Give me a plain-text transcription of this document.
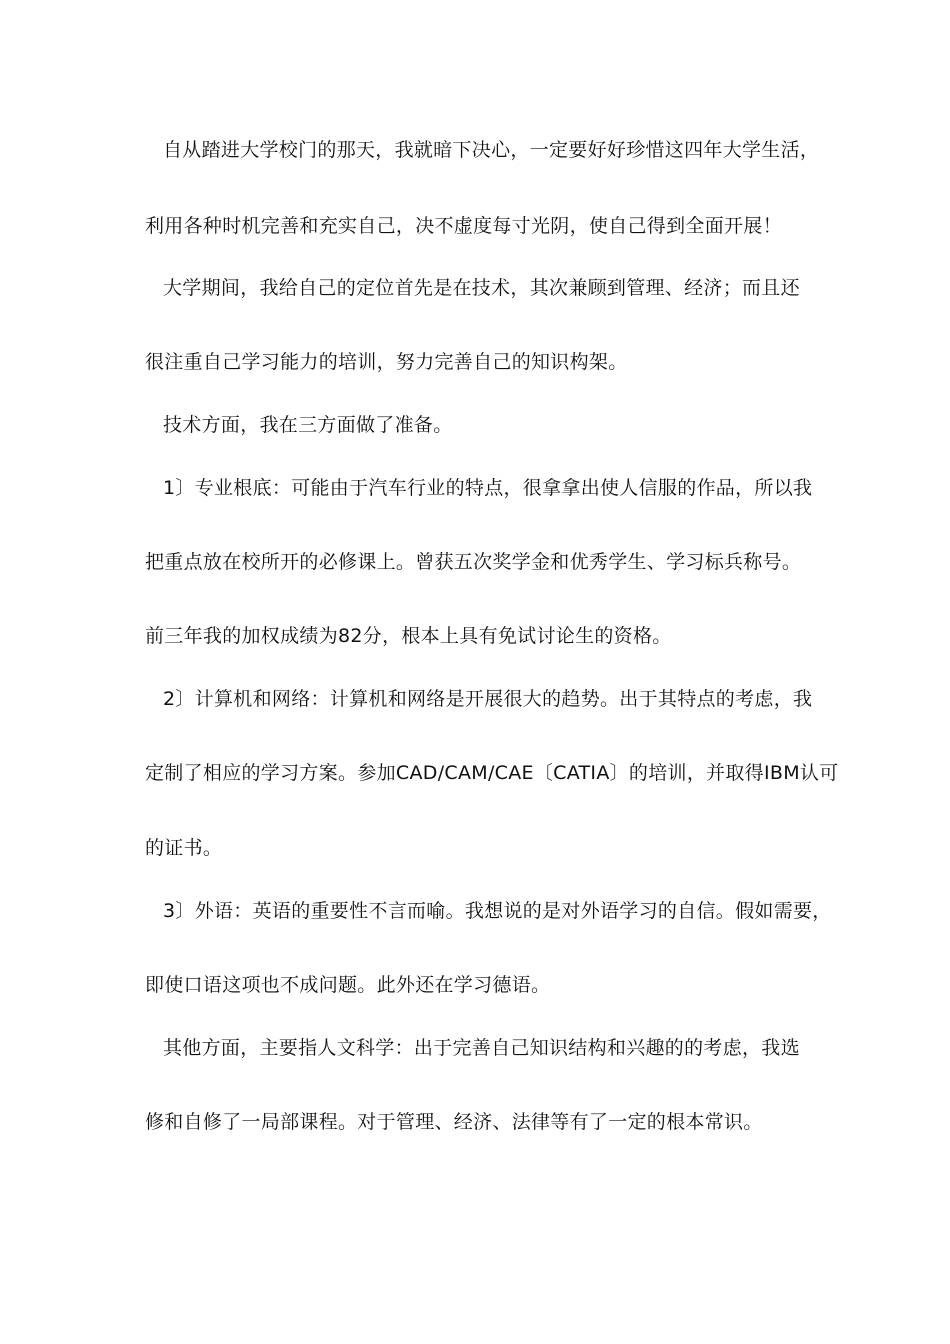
自从踏进大学校门的那天，我就暗下决心，一定要好好珍惜这四年大学生活，
利用各种时机完善和充实自己，决不虚度每寸光阴，使自己得到全面开展！
大学期间，我给自己的定位首先是在技术，其次兼顾到管理、经济；而且还
很注重自己学习能力的培训，努力完善自己的知识构架。
技术方面，我在三方面做了准备。
1〕专业根底：可能由于汽车行业的特点，很拿拿出使人信服的作品，所以我
把重点放在校所开的必修课上。曾获五次奖学金和优秀学生、学习标兵称号。
前三年我的加权成绩为82分，根本上具有免试讨论生的资格。
2〕计算机和网络：计算机和网络是开展很大的趋势。出于其特点的考虑，我
定制了相应的学习方案。参加CAD/CAM/CAE〔CATIA〕的培训，并取得IBM认可
的证书。
3〕外语：英语的重要性不言而喻。我想说的是对外语学习的自信。假如需要，
即使口语这项也不成问题。此外还在学习德语。
其他方面，主要指人文科学：出于完善自己知识结构和兴趣的的考虑，我选
修和自修了一局部课程。对于管理、经济、法律等有了一定的根本常识。
